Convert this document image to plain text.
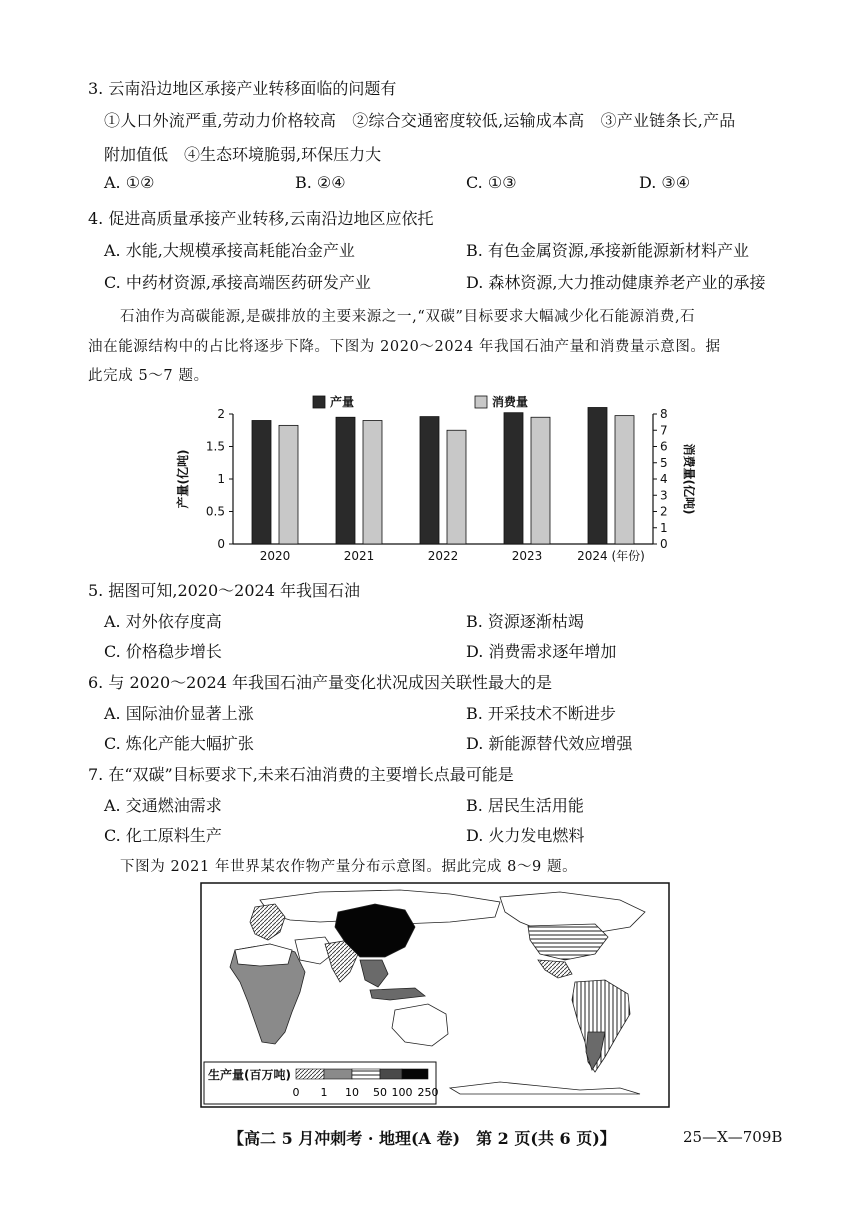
3. 云南沿边地区承接产业转移面临的问题有
①人口外流严重,劳动力价格较高　②综合交通密度较低,运输成本高　③产业链条长,产品
附加值低　④生态环境脆弱,环保压力大
A. ①②	B. ②④	C. ①③	D. ③④
4. 促进高质量承接产业转移,云南沿边地区应依托
A. 水能,大规模承接高耗能冶金产业	B. 有色金属资源,承接新能源新材料产业
C. 中药材资源,承接高端医药研发产业	D. 森林资源,大力推动健康养老产业的承接
石油作为高碳能源,是碳排放的主要来源之一,“双碳”目标要求大幅减少化石能源消费,石
油在能源结构中的占比将逐步下降。下图为 2020～2024 年我国石油产量和消费量示意图。据
此完成 5～7 题。
0
0.5
1
1.5
2
0
1
2
3
4
5
6
7
8
产量(亿吨)	消费量(亿吨)
2020	2021	2022	2023	2024 (年份)
产量	消费量
5. 据图可知,2020～2024 年我国石油
A. 对外依存度高	B. 资源逐渐枯竭
C. 价格稳步增长	D. 消费需求逐年增加
6. 与 2020～2024 年我国石油产量变化状况成因关联性最大的是
A. 国际油价显著上涨	B. 开采技术不断进步
C. 炼化产能大幅扩张	D. 新能源替代效应增强
7. 在“双碳”目标要求下,未来石油消费的主要增长点最可能是
A. 交通燃油需求	B. 居民生活用能
C. 化工原料生产	D. 火力发电燃料
下图为 2021 年世界某农作物产量分布示意图。据此完成 8～9 题。
生产量(百万吨)
0 1 10 50 100 250
【高二 5 月冲刺考 · 地理(A 卷)　第 2 页(共 6 页)】	25—X—709B
